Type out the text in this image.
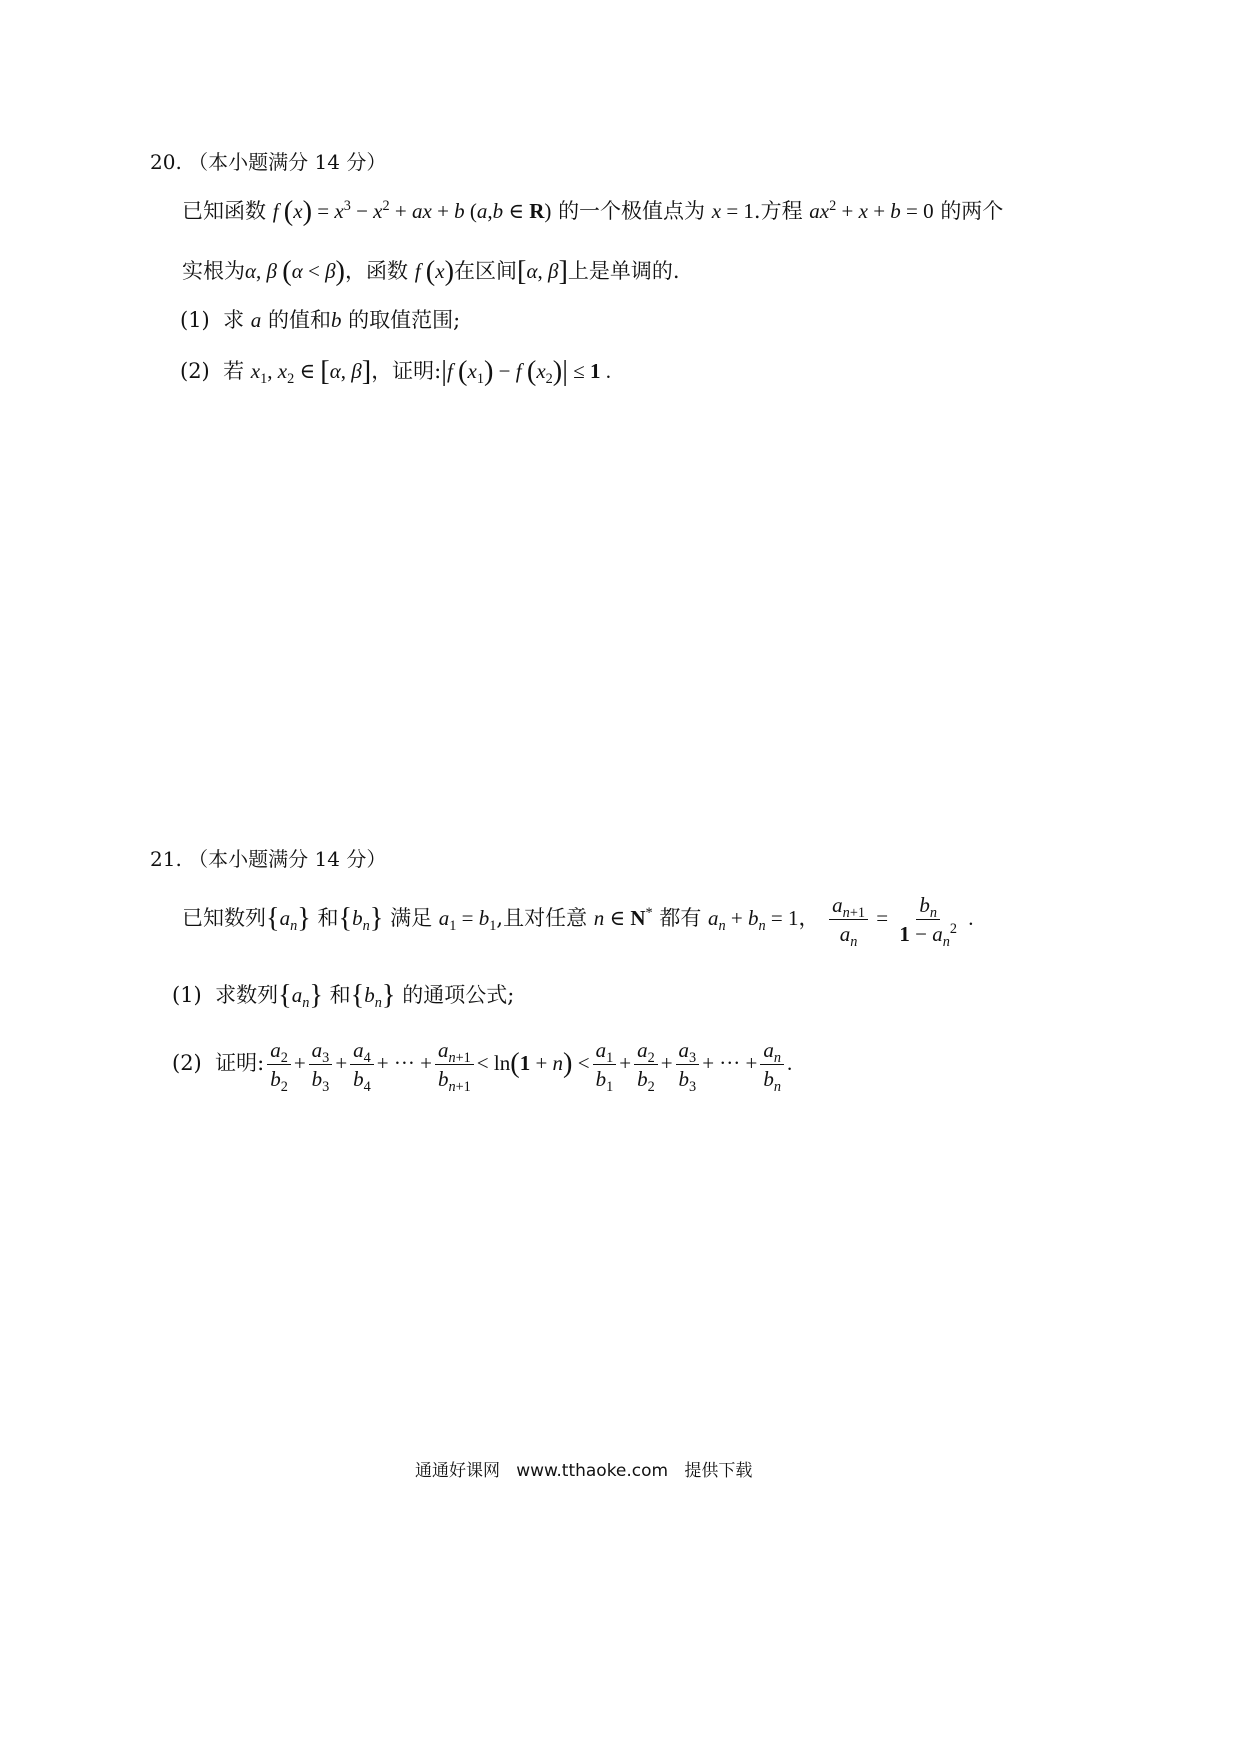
20. （本小题满分 14 分）
已知函数 f $(x) = x^3 - x^2$ + ax + b (a,b ∈ R) 的一个极值点为 x = 1.方程 $ax^2 + x + b = 0$ 的两个
实根为α, β (α < β)，函数 f (x)在区间[α, β]上是单调的.
(1) 求 a 的值和b 的取值范围;
(2) 若 $x_1$, $x_2$ ∈ [α, β]，证明:|f $(x_1) - f$ $(x_2)| \le 1$ .
21. （本小题满分 14 分）
已知数列$\{a_n\}$ 和$\{b_n\}$ 满足 $a_1 = b_1$,且对任意 n ∈ N* 都有 $a_n + b_n = 1$， $\frac{a_{n+1}}{a_n} = \frac{b_n}{1 - a_n^2}$ .
(1) 求数列$\{a_n\}$ 和$\{b_n\}$ 的通项公式;
(2) 证明: $\frac{a_2}{b_2} + \frac{a_3}{b_3} + \frac{a_4}{b_4}$ + ··· + $\frac{a_{n+1}}{b_{n+1}} < \ln(1 + n) < \frac{a_1}{b_1} + \frac{a_2}{b_2} + \frac{a_3}{b_3}$ + ··· + $\frac{a_n}{b_n}$ .
通通好课网 www.tthaoke.com 提供下载
